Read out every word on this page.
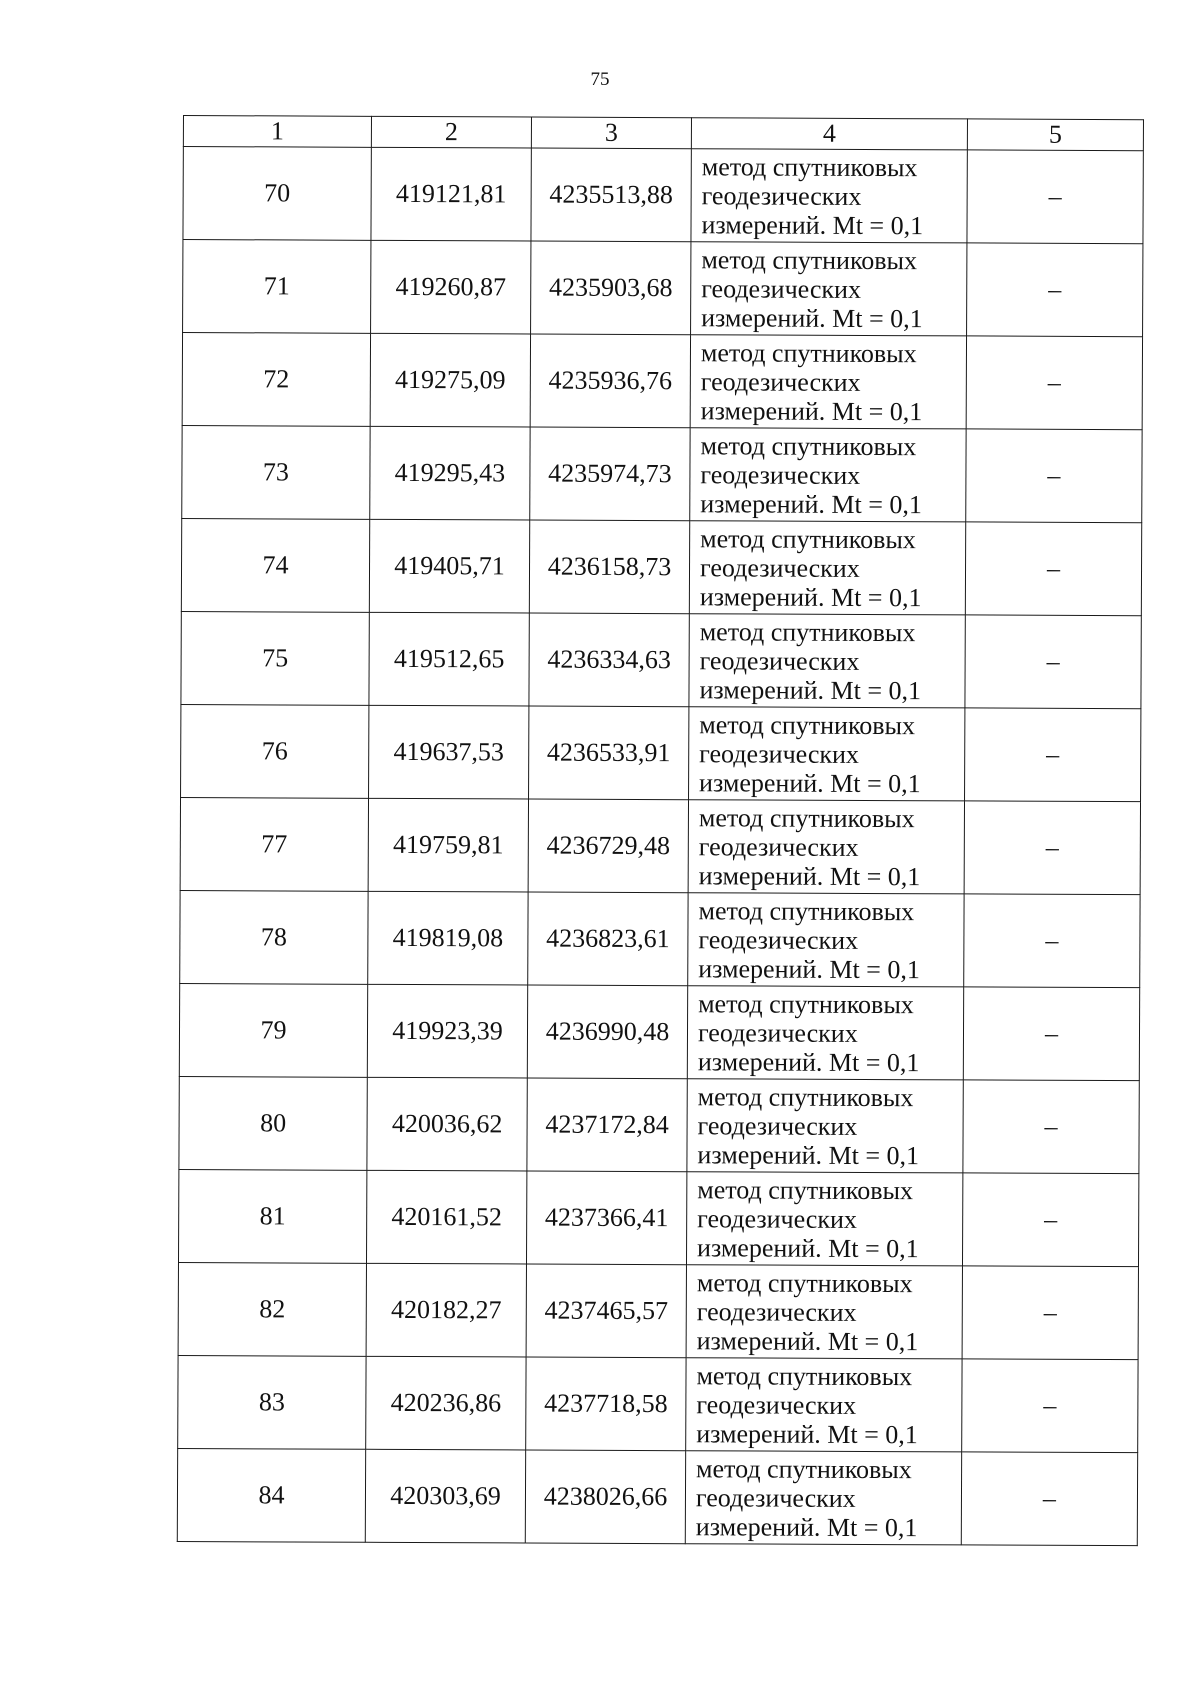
75
1	2	3	4	5
70	419121,81	4235513,88	метод спутниковых
геодезических
измерений. Mt = 0,1	–
71	419260,87	4235903,68	метод спутниковых
геодезических
измерений. Mt = 0,1	–
72	419275,09	4235936,76	метод спутниковых
геодезических
измерений. Mt = 0,1	–
73	419295,43	4235974,73	метод спутниковых
геодезических
измерений. Mt = 0,1	–
74	419405,71	4236158,73	метод спутниковых
геодезических
измерений. Mt = 0,1	–
75	419512,65	4236334,63	метод спутниковых
геодезических
измерений. Mt = 0,1	–
76	419637,53	4236533,91	метод спутниковых
геодезических
измерений. Mt = 0,1	–
77	419759,81	4236729,48	метод спутниковых
геодезических
измерений. Mt = 0,1	–
78	419819,08	4236823,61	метод спутниковых
геодезических
измерений. Mt = 0,1	–
79	419923,39	4236990,48	метод спутниковых
геодезических
измерений. Mt = 0,1	–
80	420036,62	4237172,84	метод спутниковых
геодезических
измерений. Mt = 0,1	–
81	420161,52	4237366,41	метод спутниковых
геодезических
измерений. Mt = 0,1	–
82	420182,27	4237465,57	метод спутниковых
геодезических
измерений. Mt = 0,1	–
83	420236,86	4237718,58	метод спутниковых
геодезических
измерений. Mt = 0,1	–
84	420303,69	4238026,66	метод спутниковых
геодезических
измерений. Mt = 0,1	–
